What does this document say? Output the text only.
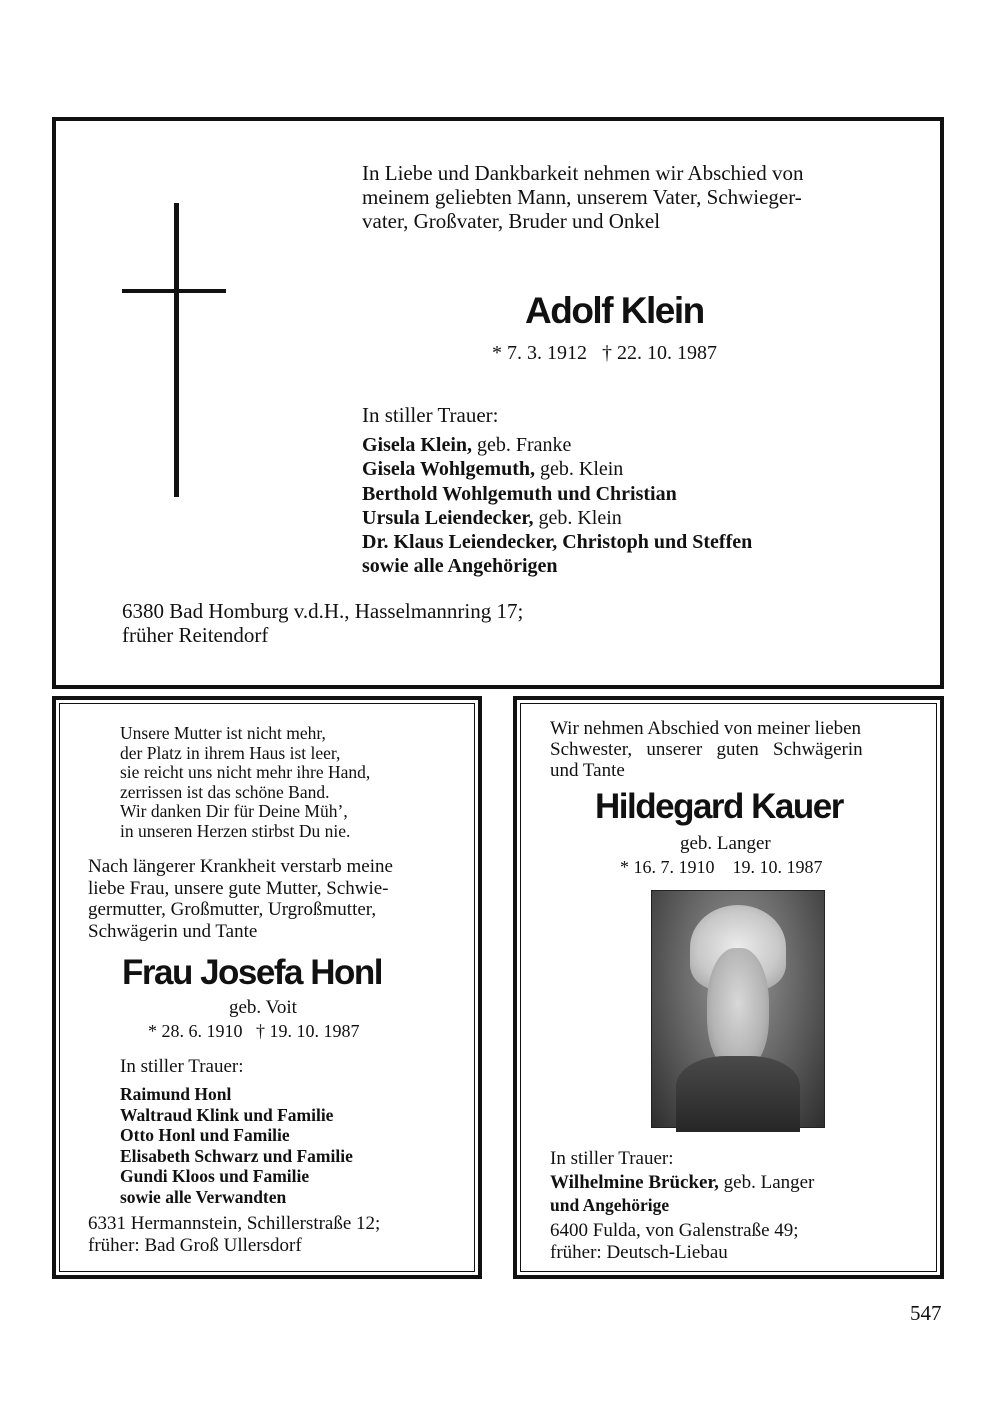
In Liebe und Dankbarkeit nehmen wir Abschied von
meinem geliebten Mann, unserem Vater, Schwieger-
vater, Großvater, Bruder und Onkel
Adolf Klein
* 7. 3. 1912   † 22. 10. 1987
In stiller Trauer:
Gisela Klein, geb. Franke
Gisela Wohlgemuth, geb. Klein
Berthold Wohlgemuth und Christian
Ursula Leiendecker, geb. Klein
Dr. Klaus Leiendecker, Christoph und Steffen
sowie alle Angehörigen
6380 Bad Homburg v.d.H., Hasselmannring 17;
früher Reitendorf
Unsere Mutter ist nicht mehr,
der Platz in ihrem Haus ist leer,
sie reicht uns nicht mehr ihre Hand,
zerrissen ist das schöne Band.
Wir danken Dir für Deine Müh’,
in unseren Herzen stirbst Du nie.
Nach längerer Krankheit verstarb meine
liebe Frau, unsere gute Mutter, Schwie-
germutter, Großmutter, Urgroßmutter,
Schwägerin und Tante
Frau Josefa Honl
geb. Voit
* 28. 6. 1910   † 19. 10. 1987
In stiller Trauer:
Raimund Honl
Waltraud Klink und Familie
Otto Honl und Familie
Elisabeth Schwarz und Familie
Gundi Kloos und Familie
sowie alle Verwandten
6331 Hermannstein, Schillerstraße 12;
früher: Bad Groß Ullersdorf
Wir nehmen Abschied von meiner lieben
Schwester,   unserer   guten   Schwägerin
und Tante
Hildegard Kauer
geb. Langer
* 16. 7. 1910    19. 10. 1987
In stiller Trauer:
Wilhelmine Brücker, geb. Langer
und Angehörige
6400 Fulda, von Galenstraße 49;
früher: Deutsch-Liebau
547
